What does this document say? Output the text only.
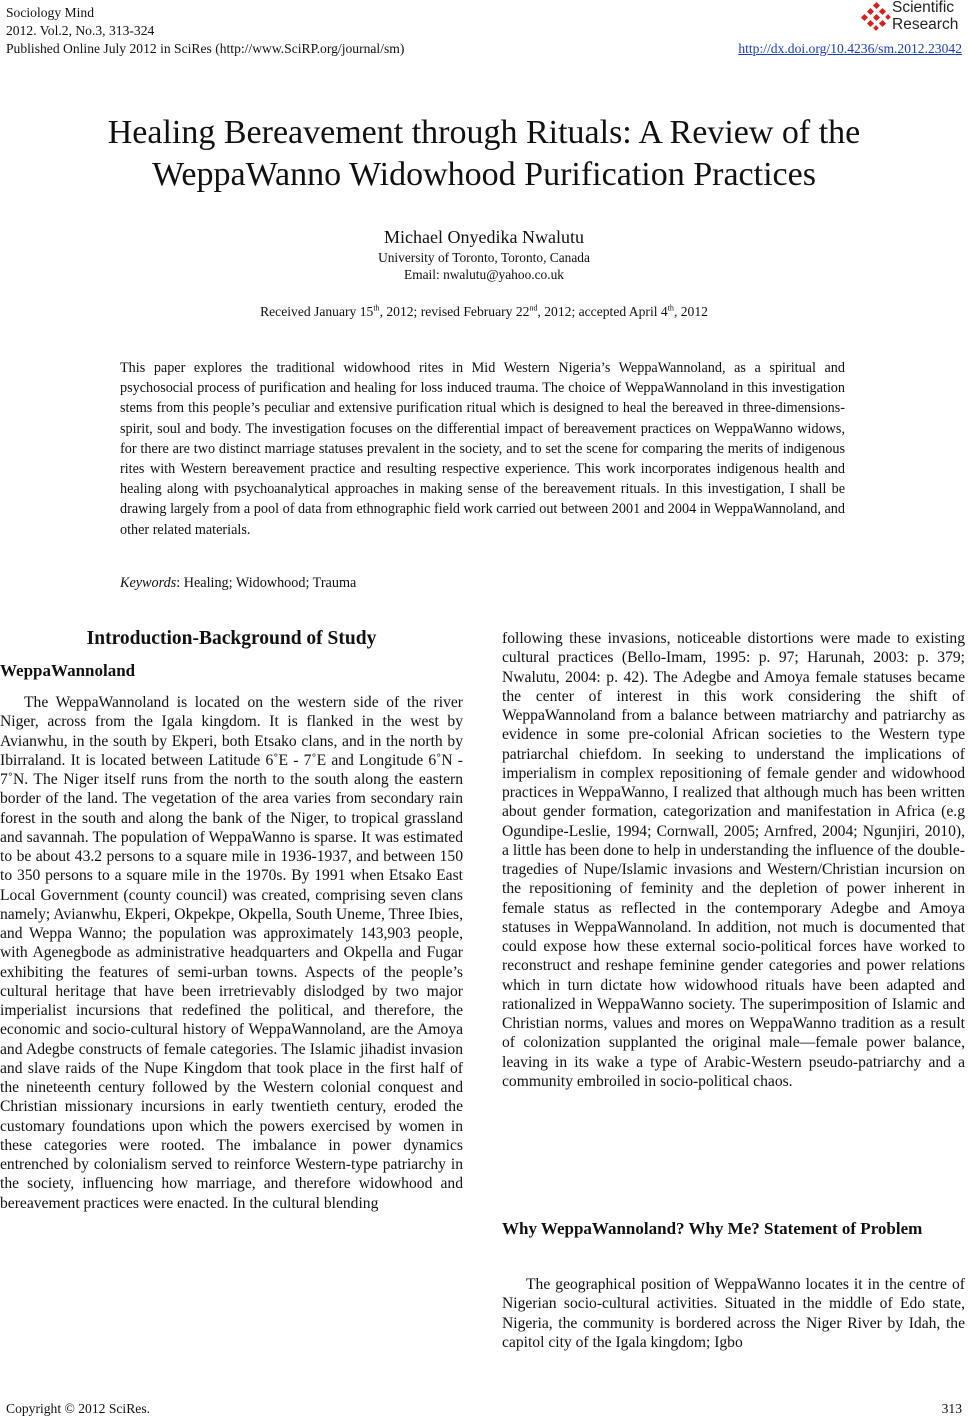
Sociology Mind
2012. Vol.2, No.3, 313-324
Published Online July 2012 in SciRes (http://www.SciRP.org/journal/sm)
Scientific
Research
http://dx.doi.org/10.4236/sm.2012.23042
Healing Bereavement through Rituals: A Review of the
WeppaWanno Widowhood Purification Practices
Michael Onyedika Nwalutu
University of Toronto, Toronto, Canada
Email: nwalutu@yahoo.co.uk
Received January 15th, 2012; revised February 22nd, 2012; accepted April 4th, 2012

This paper explores the traditional widowhood rites in Mid Western Nigeria’s WeppaWannoland, as a spiritual and psychosocial process of purification and healing for loss induced trauma. The choice of WeppaWannoland in this investigation stems from this people’s peculiar and extensive purification ritual which is designed to heal the bereaved in three-dimensions-spirit, soul and body. The investigation focuses on the differential impact of bereavement practices on WeppaWanno widows, for there are two distinct marriage statuses prevalent in the society, and to set the scene for comparing the merits of indigenous rites with Western bereavement practice and resulting respective experience. This work incorporates indigenous health and healing along with psychoanalytical approaches in making sense of the bereavement rituals. In this investigation, I shall be drawing largely from a pool of data from ethnographic field work carried out between 2001 and 2004 in WeppaWannoland, and other related materials.

Keywords: Healing; Widowhood; Trauma

Introduction-Background of Study
WeppaWannoland

The WeppaWannoland is located on the western side of the river Niger, across from the Igala kingdom. It is flanked in the west by Avianwhu, in the south by Ekperi, both Etsako clans, and in the north by Ibirraland. It is located between Latitude 6˚E - 7˚E and Longitude 6˚N - 7˚N. The Niger itself runs from the north to the south along the eastern border of the land. The vegetation of the area varies from secondary rain forest in the south and along the bank of the Niger, to tropical grassland and savannah. The population of WeppaWanno is sparse. It was estimated to be about 43.2 persons to a square mile in 1936-1937, and between 150 to 350 persons to a square mile in the 1970s. By 1991 when Etsako East Local Government (county council) was created, comprising seven clans namely; Avianwhu, Ekperi, Okpekpe, Okpella, South Uneme, Three Ibies, and Weppa Wanno; the population was approximately 143,903 people, with Agenegbode as administrative headquarters and Okpella and Fugar exhibiting the features of semi-urban towns. Aspects of the people’s cultural heritage that have been irretrievably dislodged by two major imperialist incursions that redefined the political, and therefore, the economic and socio-cultural history of WeppaWannoland, are the Amoya and Adegbe constructs of female categories. The Islamic jihadist invasion and slave raids of the Nupe Kingdom that took place in the first half of the nineteenth century followed by the Western colonial conquest and Christian missionary incursions in early twentieth century, eroded the customary foundations upon which the powers exercised by women in these categories were rooted. The imbalance in power dynamics entrenched by colonialism served to reinforce Western-type patriarchy in the society, influencing how marriage, and therefore widowhood and bereavement practices were enacted. In the cultural blending

following these invasions, noticeable distortions were made to existing cultural practices (Bello-Imam, 1995: p. 97; Harunah, 2003: p. 379; Nwalutu, 2004: p. 42). The Adegbe and Amoya female statuses became the center of interest in this work considering the shift of WeppaWannoland from a balance between matriarchy and patriarchy as evidence in some pre-colonial African societies to the Western type patriarchal chiefdom. In seeking to understand the implications of imperialism in complex repositioning of female gender and widowhood practices in WeppaWanno, I realized that although much has been written about gender formation, categorization and manifestation in Africa (e.g Ogundipe-Leslie, 1994; Cornwall, 2005; Arnfred, 2004; Ngunjiri, 2010), a little has been done to help in understanding the influence of the double-tragedies of Nupe/Islamic invasions and Western/Christian incursion on the repositioning of feminity and the depletion of power inherent in female status as reflected in the contemporary Adegbe and Amoya statuses in WeppaWannoland. In addition, not much is documented that could expose how these external socio-political forces have worked to reconstruct and reshape feminine gender categories and power relations which in turn dictate how widowhood rituals have been adapted and rationalized in WeppaWanno society. The superimposition of Islamic and Christian norms, values and mores on WeppaWanno tradition as a result of colonization supplanted the original male—female power balance, leaving in its wake a type of Arabic-Western pseudo-patriarchy and a community embroiled in socio-political chaos.

Why WeppaWannoland? Why Me? Statement of Problem

The geographical position of WeppaWanno locates it in the centre of Nigerian socio-cultural activities. Situated in the middle of Edo state, Nigeria, the community is bordered across the Niger River by Idah, the capitol city of the Igala kingdom; Igbo

Copyright © 2012 SciRes.	313
